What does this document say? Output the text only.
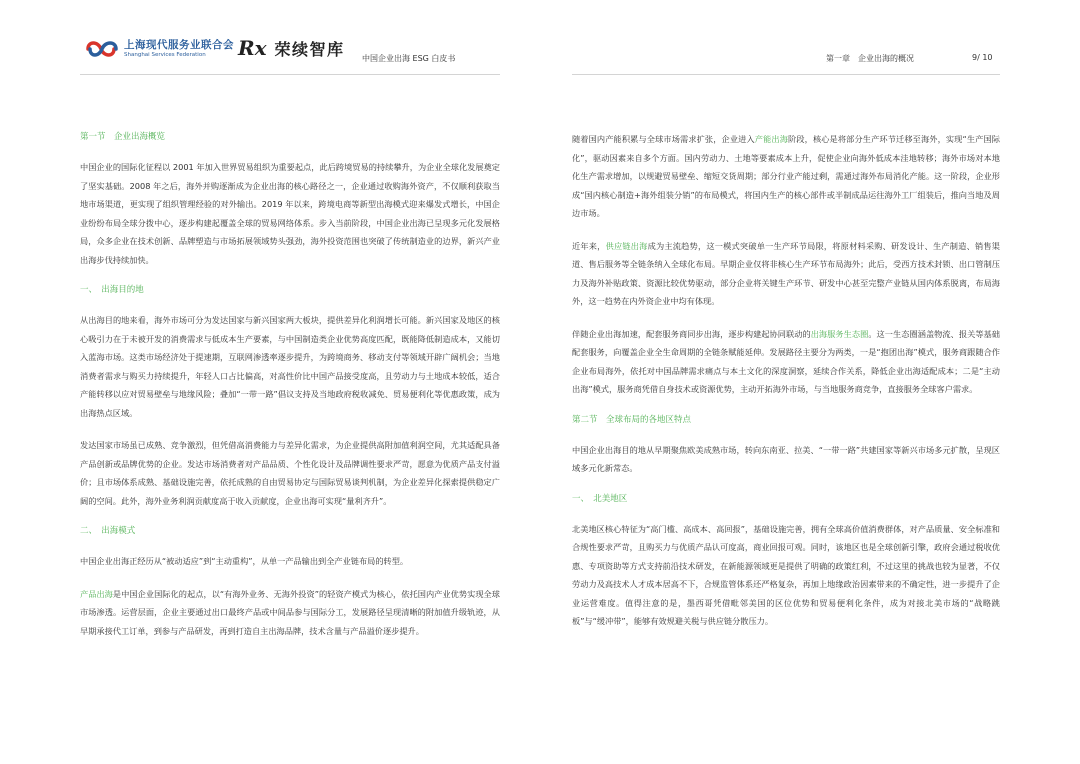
上海现代服务业联合会
Shanghai Services Federation	Rx 荣续智库 中国企业出海 ESG 白皮书	第一章　企业出海的概况	9/ 10
第一节　企业出海概览

中国企业的国际化征程以 2001 年加入世界贸易组织为重要起点，此后跨境贸易的持续攀升，为企业全球化发展奠定了坚实基础。2008 年之后，海外并购逐渐成为企业出海的核心路径之一，企业通过收购海外资产，不仅顺利获取当地市场渠道，更实现了组织管理经验的对外输出。2019 年以来，跨境电商等新型出海模式迎来爆发式增长，中国企业纷纷布局全球分拨中心，逐步构建起覆盖全球的贸易网络体系。步入当前阶段，中国企业出海已呈现多元化发展格局，众多企业在技术创新、品牌塑造与市场拓展领域势头强劲，海外投资范围也突破了传统制造业的边界，新兴产业出海步伐持续加快。

一、　出海目的地

从出海目的地来看，海外市场可分为发达国家与新兴国家两大板块，提供差异化利润增长可能。新兴国家及地区的核心吸引力在于未被开发的消费需求与低成本生产要素，与中国制造类企业优势高度匹配，既能降低制造成本，又能切入蓝海市场。这类市场经济处于提速期，互联网渗透率逐步提升，为跨境商务、移动支付等领域开辟广阔机会；当地消费者需求与购买力持续提升，年轻人口占比偏高，对高性价比中国产品接受度高，且劳动力与土地成本较低，适合产能转移以应对贸易壁垒与地缘风险；叠加“一带一路”倡议支持及当地政府税收减免、贸易便利化等优惠政策，成为出海热点区域。

发达国家市场虽已成熟、竞争激烈，但凭借高消费能力与差异化需求，为企业提供高附加值利润空间，尤其适配具备产品创新或品牌优势的企业。发达市场消费者对产品品质、个性化设计及品牌调性要求严苛，愿意为优质产品支付溢价；且市场体系成熟、基础设施完善，依托成熟的自由贸易协定与国际贸易谈判机制，为企业差异化探索提供稳定广阔的空间。此外，海外业务利润贡献度高于收入贡献度，企业出海可实现“量利齐升”。

二、　出海模式

中国企业出海正经历从“被动适应”到“主动重构”，从单一产品输出到全产业链布局的转型。

产品出海是中国企业国际化的起点，以“有海外业务、无海外投资”的轻资产模式为核心，依托国内产业优势实现全球市场渗透。运营层面，企业主要通过出口最终产品或中间品参与国际分工，发展路径呈现清晰的附加值升级轨迹，从早期承接代工订单，到参与产品研发，再到打造自主出海品牌，技术含量与产品溢价逐步提升。

随着国内产能积累与全球市场需求扩张，企业进入产能出海阶段，核心是将部分生产环节迁移至海外，实现“生产国际化”，驱动因素来自多个方面。国内劳动力、土地等要素成本上升，促使企业向海外低成本洼地转移；海外市场对本地化生产需求增加，以规避贸易壁垒、缩短交货周期；部分行业产能过剩，需通过海外布局消化产能。这一阶段，企业形成“国内核心制造+海外组装分销”的布局模式，将国内生产的核心部件或半制成品运往海外工厂组装后，推向当地及周边市场。

近年来，供应链出海成为主流趋势，这一模式突破单一生产环节局限，将原材料采购、研发设计、生产制造、销售渠道、售后服务等全链条纳入全球化布局。早期企业仅将非核心生产环节布局海外；此后，受西方技术封锁、出口管制压力及海外补贴政策、资源比较优势驱动，部分企业将关键生产环节、研发中心甚至完整产业链从国内体系脱离，布局海外，这一趋势在内外资企业中均有体现。

伴随企业出海加速，配套服务商同步出海，逐步构建起协同联动的出海服务生态圈。这一生态圈涵盖物流、报关等基础配套服务，向覆盖企业全生命周期的全链条赋能延伸。发展路径主要分为两类，一是“抱团出海”模式，服务商跟随合作企业布局海外，依托对中国品牌需求痛点与本土文化的深度洞察，延续合作关系，降低企业出海适配成本；二是“主动出海”模式，服务商凭借自身技术或资源优势，主动开拓海外市场，与当地服务商竞争，直接服务全球客户需求。

第二节　全球布局的各地区特点

中国企业出海目的地从早期聚焦欧美成熟市场，转向东南亚、拉美、“一带一路”共建国家等新兴市场多元扩散，呈现区域多元化新常态。

一、　北美地区

北美地区核心特征为“高门槛、高成本、高回报”，基础设施完善，拥有全球高价值消费群体，对产品质量、安全标准和合规性要求严苛，且购买力与优质产品认可度高，商业回报可观。同时，该地区也是全球创新引擎，政府会通过税收优惠、专项资助等方式支持前沿技术研发，在新能源领域更是提供了明确的政策红利，不过这里的挑战也较为显著，不仅劳动力及高技术人才成本居高不下，合规监管体系还严格复杂，再加上地缘政治因素带来的不确定性，进一步提升了企业运营难度。值得注意的是，墨西哥凭借毗邻美国的区位优势和贸易便利化条件，成为对接北美市场的“战略跳板”与“缓冲带”，能够有效规避关税与供应链分散压力。
